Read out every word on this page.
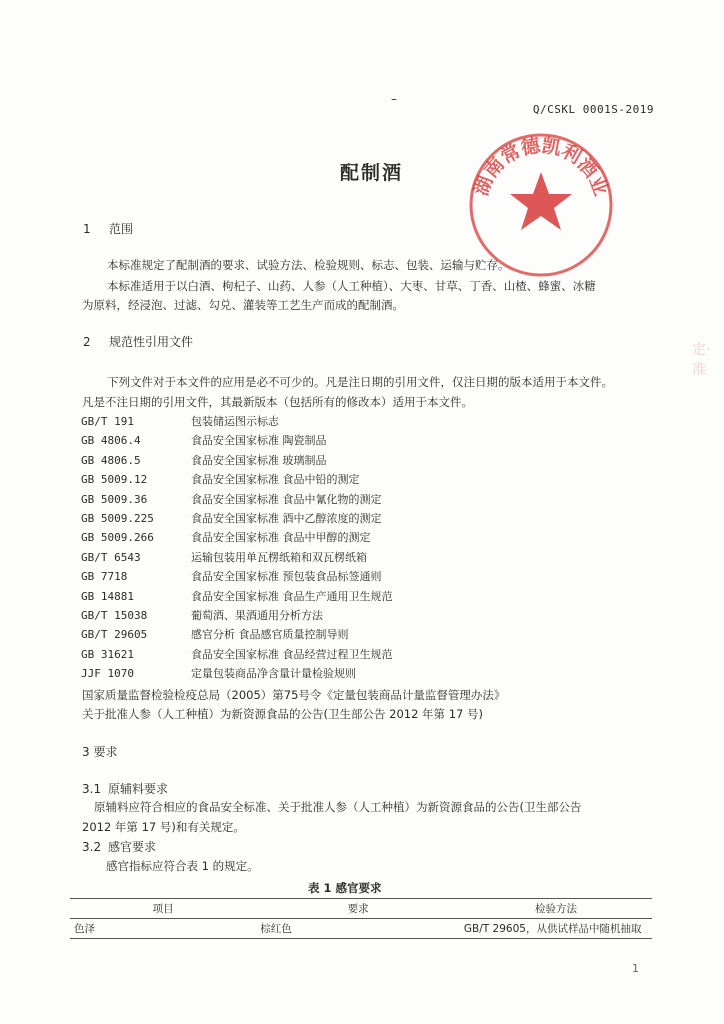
–
Q/CSKL 0001S-2019
湖南常德凯利酒业
定·准
配制酒
1 范围
本标准规定了配制酒的要求、试验方法、检验规则、标志、包装、运输与贮存。
本标准适用于以白酒、枸杞子、山药、人参（人工种植）、大枣、甘草、丁香、山楂、蜂蜜、冰糖
为原料，经浸泡、过滤、勾兑、灌装等工艺生产而成的配制酒。
2 规范性引用文件
下列文件对于本文件的应用是必不可少的。凡是注日期的引用文件，仅注日期的版本适用于本文件。
凡是不注日期的引用文件，其最新版本（包括所有的修改本）适用于本文件。
GB/T 191	包装储运图示标志
GB 4806.4	食品安全国家标准 陶瓷制品
GB 4806.5	食品安全国家标准 玻璃制品
GB 5009.12	食品安全国家标准 食品中铅的测定
GB 5009.36	食品安全国家标准 食品中氰化物的测定
GB 5009.225	食品安全国家标准 酒中乙醇浓度的测定
GB 5009.266	食品安全国家标准 食品中甲醇的测定
GB/T 6543	运输包装用单瓦楞纸箱和双瓦楞纸箱
GB 7718	食品安全国家标准 预包装食品标签通则
GB 14881	食品安全国家标准 食品生产通用卫生规范
GB/T 15038	葡萄酒、果酒通用分析方法
GB/T 29605	感官分析 食品感官质量控制导则
GB 31621	食品安全国家标准 食品经营过程卫生规范
JJF 1070	定量包装商品净含量计量检验规则
国家质量监督检验检疫总局（2005）第75号令《定量包装商品计量监督管理办法》
关于批准人参（人工种植）为新资源食品的公告(卫生部公告 2012 年第 17 号)
3 要求
3.1 原辅料要求
原辅料应符合相应的食品安全标准、关于批准人参（人工种植）为新资源食品的公告(卫生部公告
2012 年第 17 号)和有关规定。
3.2 感官要求
感官指标应符合表 1 的规定。
表 1 感官要求
项目	要求	检验方法
色泽	棕红色	GB/T 29605，从供试样品中随机抽取
1
